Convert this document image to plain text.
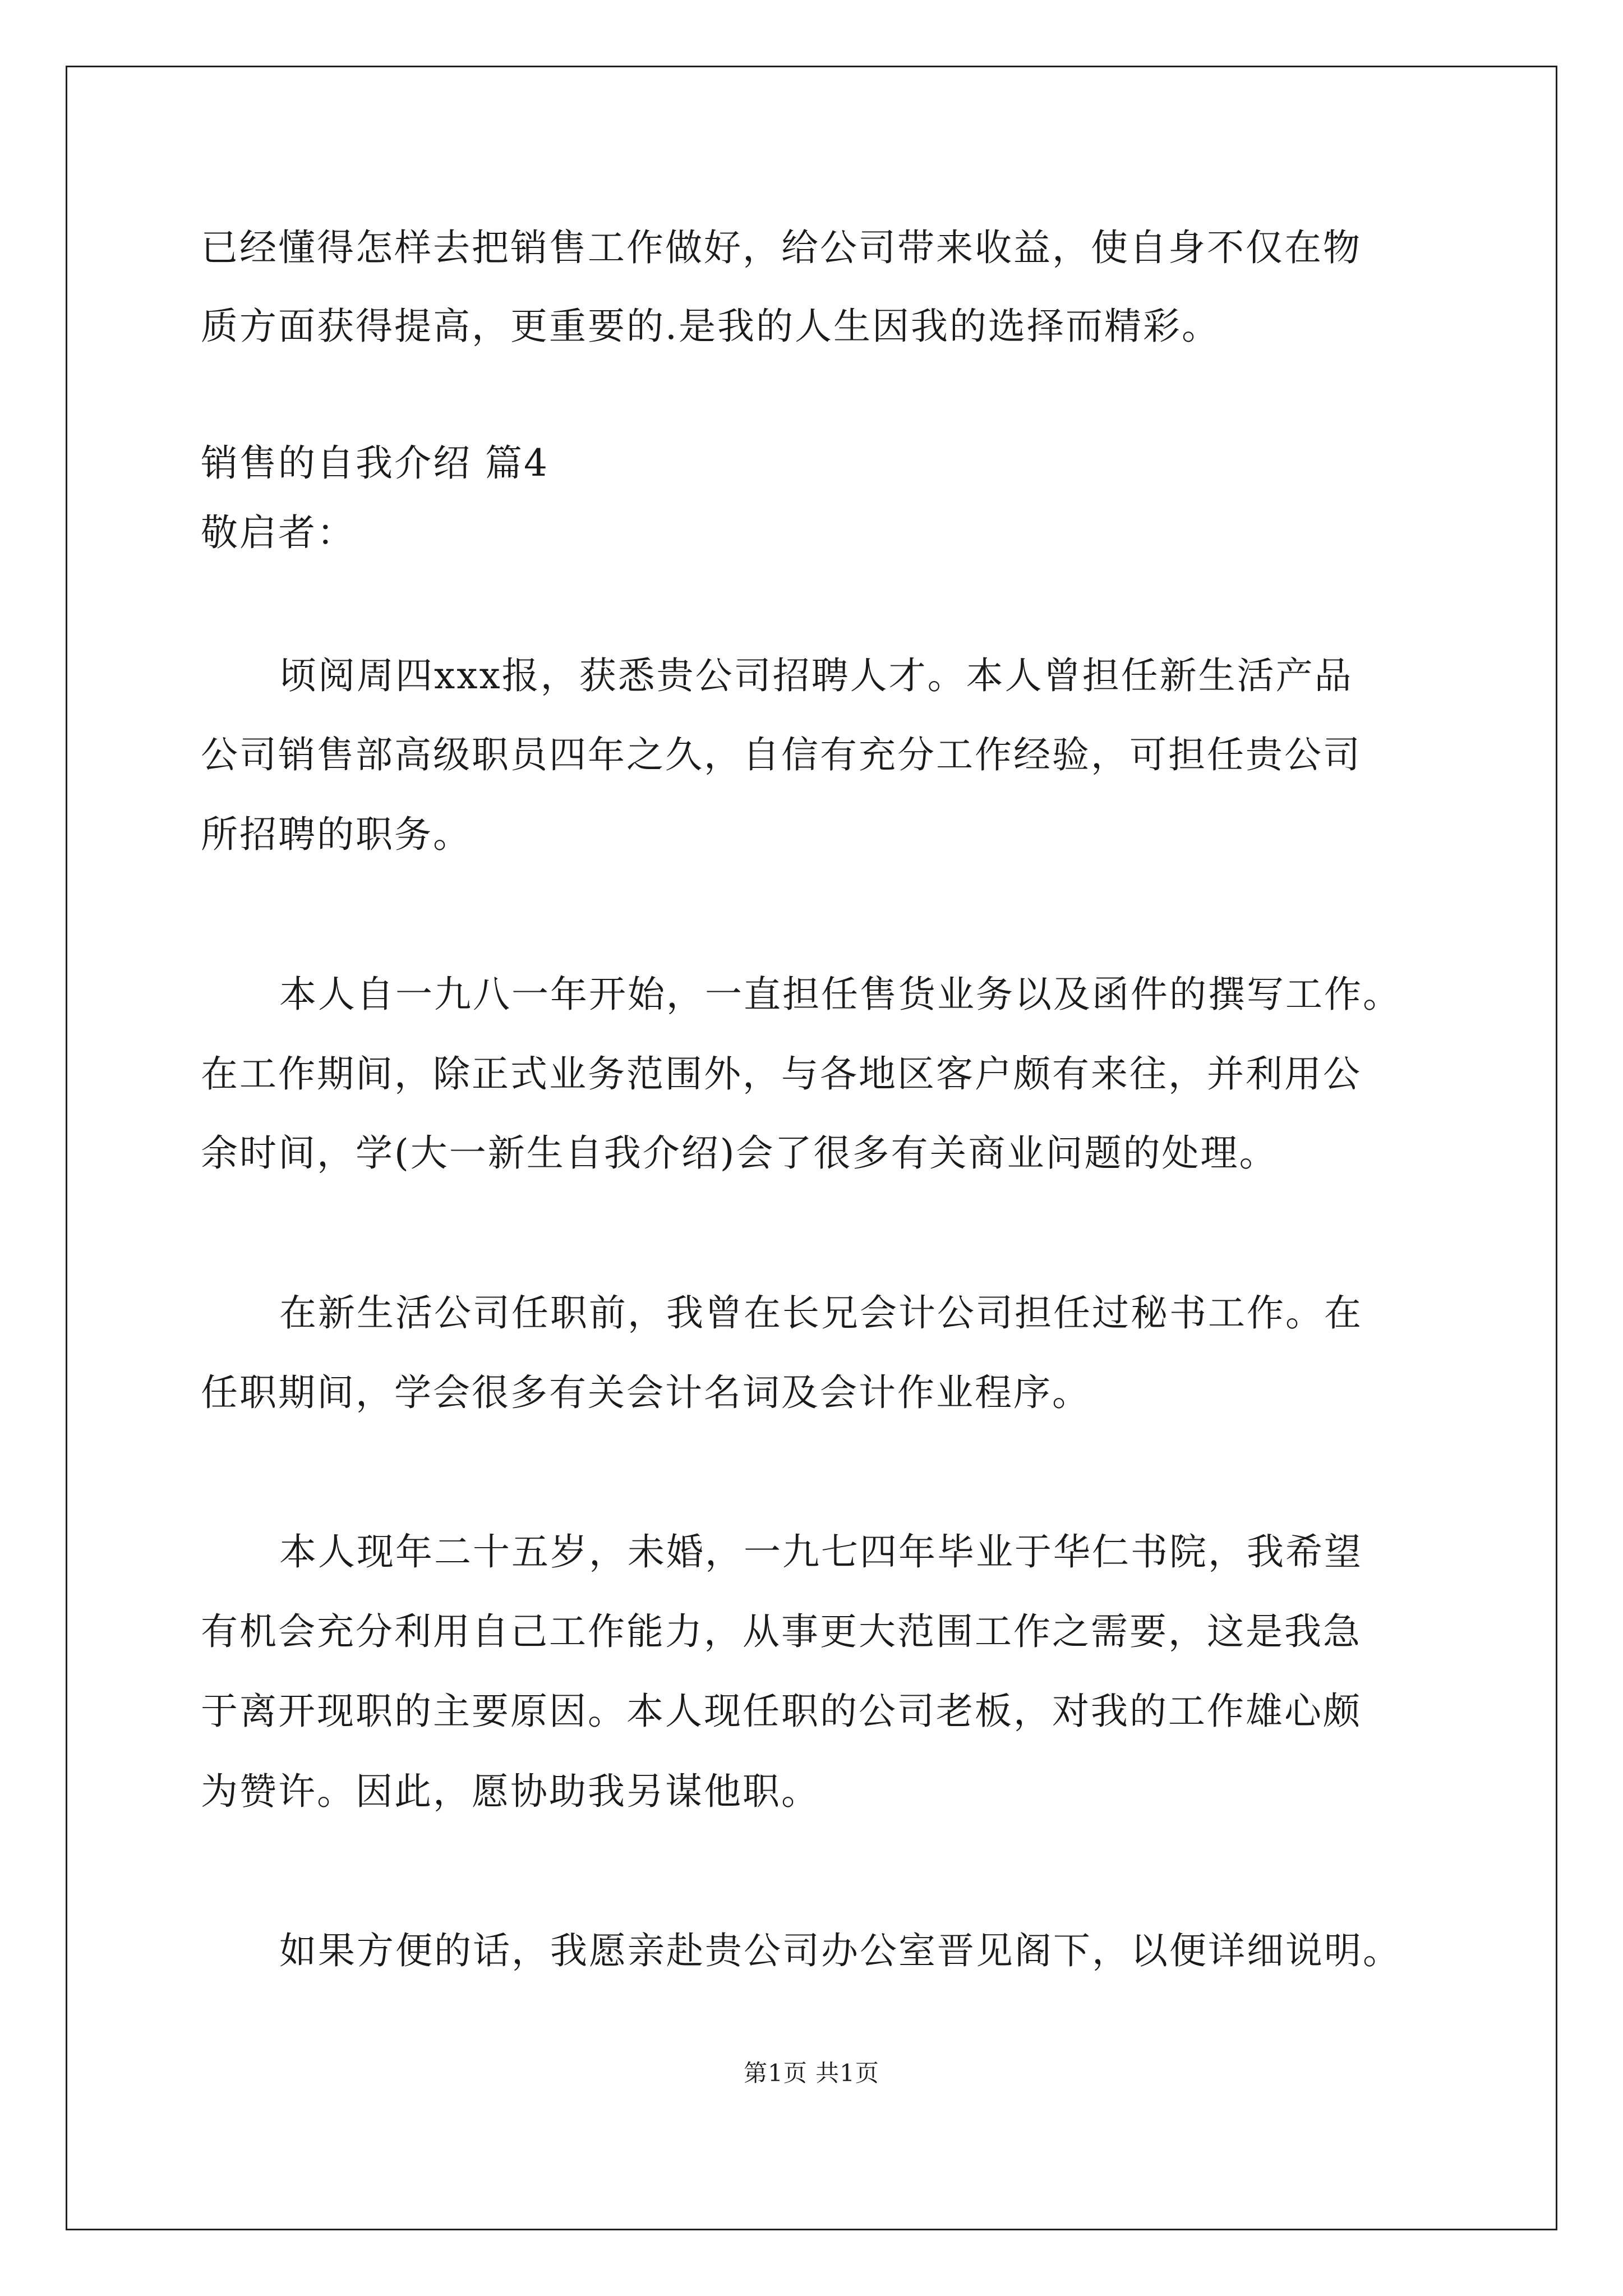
已经懂得怎样去把销售工作做好，给公司带来收益，使自身不仅在物
质方面获得提高，更重要的.是我的人生因我的选择而精彩。
销售的自我介绍 篇4
敬启者：
顷阅周四xxx报，获悉贵公司招聘人才。本人曾担任新生活产品
公司销售部高级职员四年之久，自信有充分工作经验，可担任贵公司
所招聘的职务。
本人自一九八一年开始，一直担任售货业务以及函件的撰写工作。
在工作期间，除正式业务范围外，与各地区客户颇有来往，并利用公
余时间，学(大一新生自我介绍)会了很多有关商业问题的处理。
在新生活公司任职前，我曾在长兄会计公司担任过秘书工作。在
任职期间，学会很多有关会计名词及会计作业程序。
本人现年二十五岁，未婚，一九七四年毕业于华仁书院，我希望
有机会充分利用自己工作能力，从事更大范围工作之需要，这是我急
于离开现职的主要原因。本人现任职的公司老板，对我的工作雄心颇
为赞许。因此，愿协助我另谋他职。
如果方便的话，我愿亲赴贵公司办公室晋见阁下，以便详细说明。
第1页 共1页
